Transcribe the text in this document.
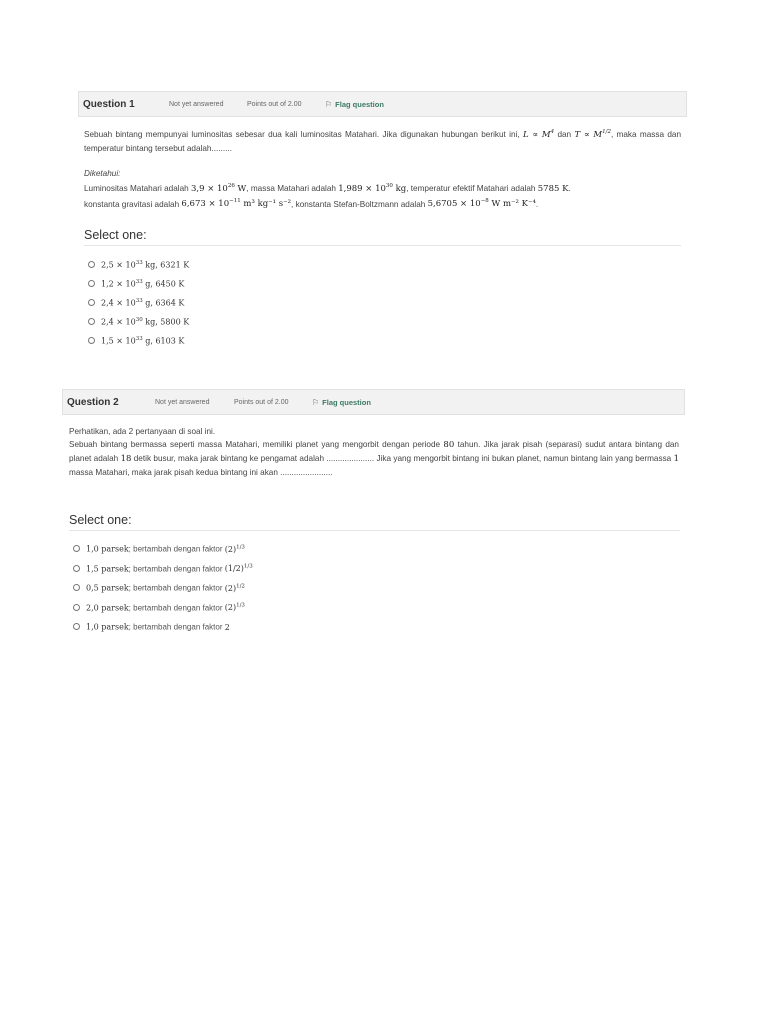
Question 1	Not yet answered	Points out of 2.00	⚐ Flag question

Sebuah bintang mempunyai luminositas sebesar dua kali luminositas Matahari. Jika digunakan hubungan berikut ini, $L \propto M^4$ dan $T \propto M^{1/2}$, maka massa dan temperatur bintang tersebut adalah.........

Diketahui:

Luminositas Matahari adalah $3,9 \times 10^{26}$ W, massa Matahari adalah $1,989 \times 10^{30}$ kg, temperatur efektif Matahari adalah 5785 K.

konstanta gravitasi adalah $6,673 \times 10^{-11}$ m³ kg⁻¹ s⁻², konstanta Stefan-Boltzmann adalah $5,6705 \times 10^{-8}$ W m⁻² K⁻⁴.

Select one:
$2,5 \times 10^{33}$ kg, 6321 K
$1,2 \times 10^{33}$ g, 6450 K
$2,4 \times 10^{33}$ g, 6364 K
$2,4 \times 10^{30}$ kg, 5800 K
$1,5 \times 10^{33}$ g, 6103 K
Question 2	Not yet answered	Points out of 2.00	⚐ Flag question

Perhatikan, ada 2 pertanyaan di soal ini.

Sebuah bintang bermassa seperti massa Matahari, memiliki planet yang mengorbit dengan periode 80 tahun. Jika jarak pisah (separasi) sudut antara bintang dan planet adalah 18 detik busur, maka jarak bintang ke pengamat adalah ..................... Jika yang mengorbit bintang ini bukan planet, namun bintang lain yang bermassa 1 massa Matahari, maka jarak pisah kedua bintang ini akan .......................

Select one:
1,0 parsek; bertambah dengan faktor $(2)^{1/3}$
1,5 parsek; bertambah dengan faktor $(1/2)^{1/3}$
0,5 parsek; bertambah dengan faktor $(2)^{1/2}$
2,0 parsek; bertambah dengan faktor $(2)^{1/3}$
1,0 parsek; bertambah dengan faktor 2
